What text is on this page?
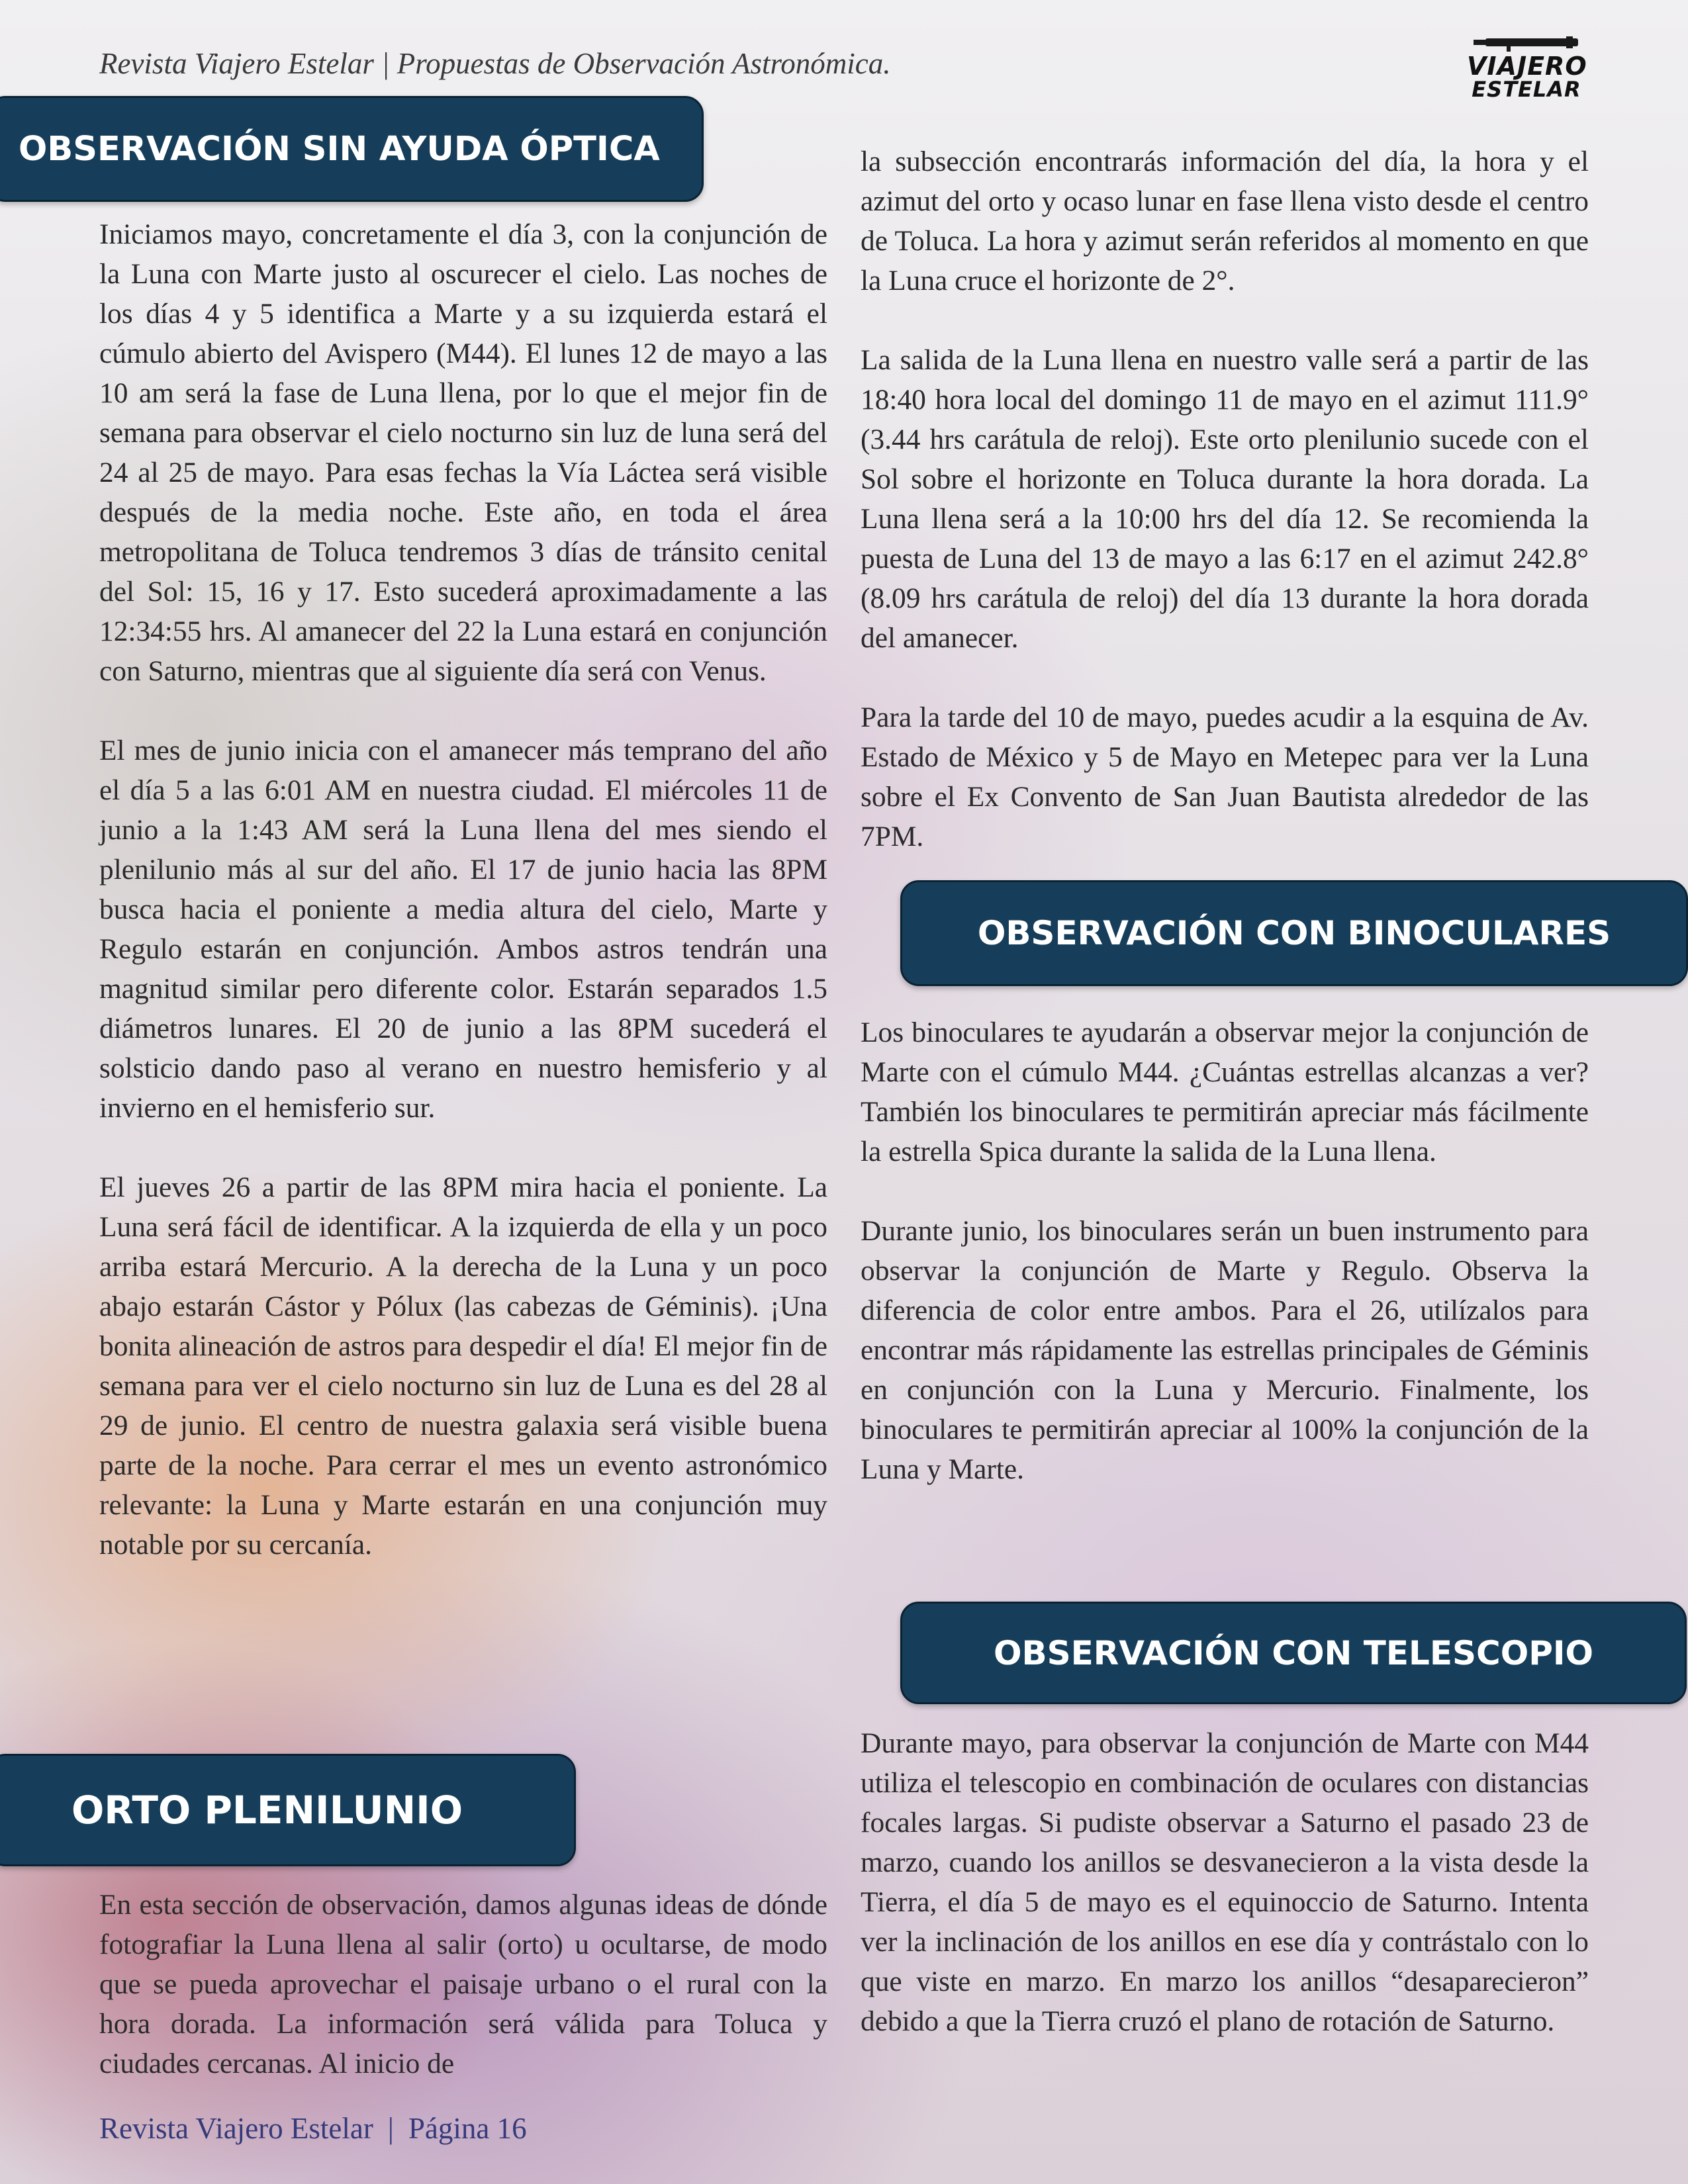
Revista Viajero Estelar | Propuestas de Observación Astronómica.	VIAJERO
ESTELAR
OBSERVACIÓN SIN AYUDA ÓPTICA

Iniciamos mayo, concretamente el día 3, con la conjunción de la Luna con Marte justo al oscurecer el cielo. Las noches de los días 4 y 5 identifica a Marte y a su izquierda estará el cúmulo abierto del Avispero (M44). El lunes 12 de mayo a las 10 am será la fase de Luna llena, por lo que el mejor fin de semana para observar el cielo nocturno sin luz de luna será del 24 al 25 de mayo. Para esas fechas la Vía Láctea será visible después de la media noche. Este año, en toda el área metropolitana de Toluca tendremos 3 días de tránsito cenital del Sol: 15, 16 y 17. Esto sucederá aproximadamente a las 12:34:55 hrs. Al amanecer del 22 la Luna estará en conjunción con Saturno, mientras que al siguiente día será con Venus.

El mes de junio inicia con el amanecer más temprano del año el día 5 a las 6:01 AM en nuestra ciudad. El miércoles 11 de junio a la 1:43 AM será la Luna llena del mes siendo el plenilunio más al sur del año. El 17 de junio hacia las 8PM busca hacia el poniente a media altura del cielo, Marte y Regulo estarán en conjunción. Ambos astros tendrán una magnitud similar pero diferente color. Estarán separados 1.5 diámetros lunares. El 20 de junio a las 8PM sucederá el solsticio dando paso al verano en nuestro hemisferio y al invierno en el hemisferio sur.

El jueves 26 a partir de las 8PM mira hacia el poniente. La Luna será fácil de identificar. A la izquierda de ella y un poco arriba estará Mercurio. A la derecha de la Luna y un poco abajo estarán Cástor y Pólux (las cabezas de Géminis). ¡Una bonita alineación de astros para despedir el día! El mejor fin de semana para ver el cielo nocturno sin luz de Luna es del 28 al 29 de junio. El centro de nuestra galaxia será visible buena parte de la noche. Para cerrar el mes un evento astronómico relevante: la Luna y Marte estarán en una conjunción muy notable por su cercanía.

ORTO PLENILUNIO

En esta sección de observación, damos algunas ideas de dónde fotografiar la Luna llena al salir (orto) u ocultarse, de modo que se pueda aprovechar el paisaje urbano o el rural con la hora dorada. La información será válida para Toluca y ciudades cercanas. Al inicio de

la subsección encontrarás información del día, la hora y el azimut del orto y ocaso lunar en fase llena visto desde el centro de Toluca. La hora y azimut serán referidos al momento en que la Luna cruce el horizonte de 2°.

La salida de la Luna llena en nuestro valle será a partir de las 18:40 hora local del domingo 11 de mayo en el azimut 111.9° (3.44 hrs carátula de reloj). Este orto plenilunio sucede con el Sol sobre el horizonte en Toluca durante la hora dorada. La Luna llena será a la 10:00 hrs del día 12. Se recomienda la puesta de Luna del 13 de mayo a las 6:17 en el azimut 242.8° (8.09 hrs carátula de reloj) del día 13 durante la hora dorada del amanecer.

Para la tarde del 10 de mayo, puedes acudir a la esquina de Av. Estado de México y 5 de Mayo en Metepec para ver la Luna sobre el Ex Convento de San Juan Bautista alrededor de las 7PM.

OBSERVACIÓN CON BINOCULARES

Los binoculares te ayudarán a observar mejor la conjunción de Marte con el cúmulo M44. ¿Cuántas estrellas alcanzas a ver? También los binoculares te permitirán apreciar más fácilmente la estrella Spica durante la salida de la Luna llena.

Durante junio, los binoculares serán un buen instrumento para observar la conjunción de Marte y Regulo. Observa la diferencia de color entre ambos. Para el 26, utilízalos para encontrar más rápidamente las estrellas principales de Géminis en conjunción con la Luna y Mercurio. Finalmente, los binoculares te permitirán apreciar al 100% la conjunción de la Luna y Marte.

OBSERVACIÓN CON TELESCOPIO

Durante mayo, para observar la conjunción de Marte con M44 utiliza el telescopio en combinación de oculares con distancias focales largas. Si pudiste observar a Saturno el pasado 23 de marzo, cuando los anillos se desvanecieron a la vista desde la Tierra, el día 5 de mayo es el equinoccio de Saturno. Intenta ver la inclinación de los anillos en ese día y contrástalo con lo que viste en marzo. En marzo los anillos “desaparecieron” debido a que la Tierra cruzó el plano de rotación de Saturno.

Revista Viajero Estelar | Página 16
